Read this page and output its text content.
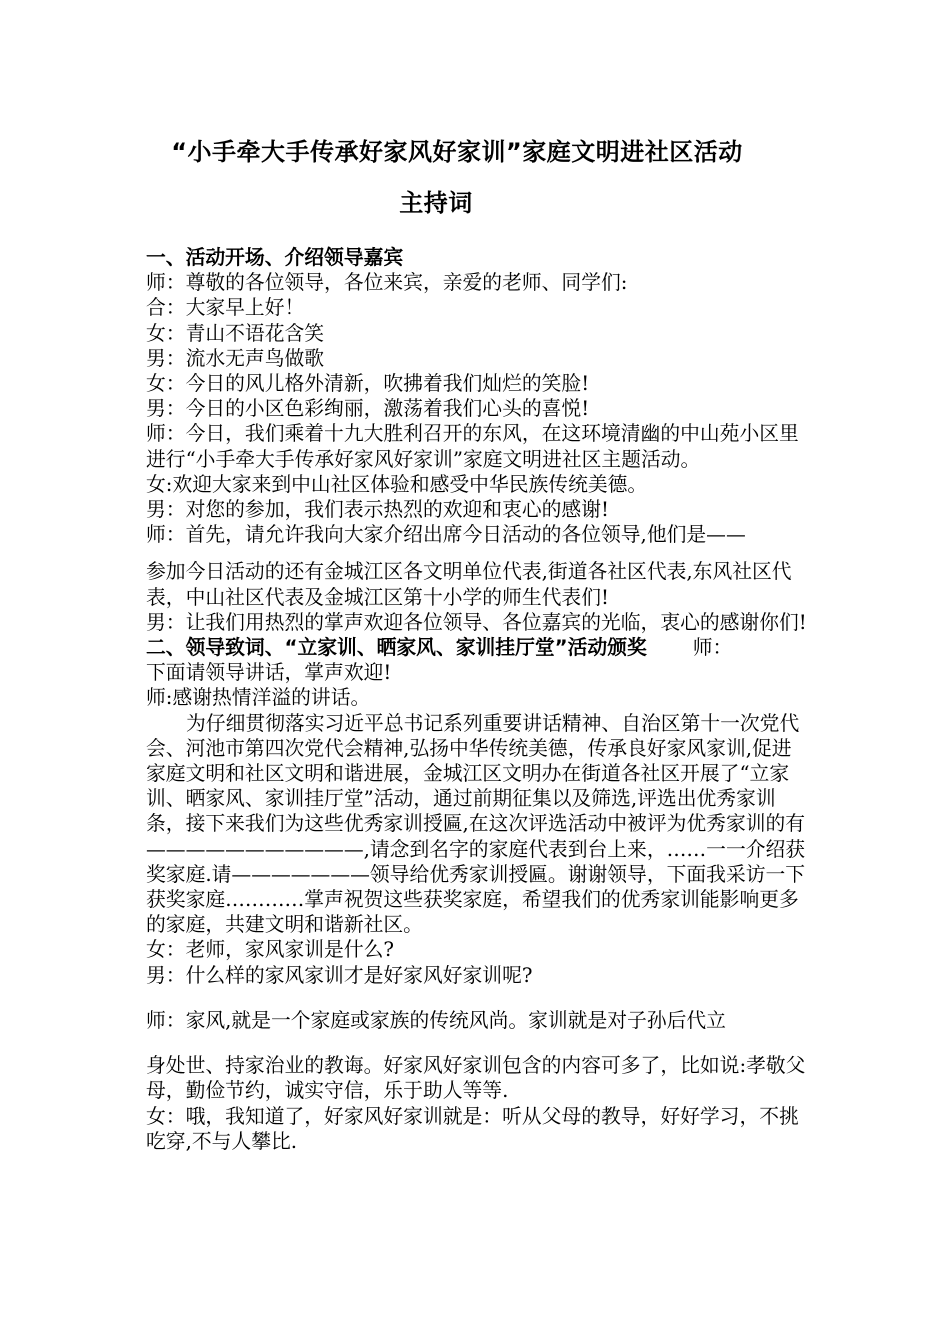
“小手牵大手传承好家风好家训”家庭文明进社区活动
主持词

一、活动开场、介绍领导嘉宾

师：尊敬的各位领导，各位来宾，亲爱的老师、同学们:

合：大家早上好！

女：青山不语花含笑

男：流水无声鸟做歌

女：今日的风儿格外清新，吹拂着我们灿烂的笑脸!

男：今日的小区色彩绚丽，激荡着我们心头的喜悦!

师：今日，我们乘着十九大胜利召开的东风，在这环境清幽的中山苑小区里进行“小手牵大手传承好家风好家训”家庭文明进社区主题活动。

女:欢迎大家来到中山社区体验和感受中华民族传统美德。

男：对您的参加，我们表示热烈的欢迎和衷心的感谢!

师：首先，请允许我向大家介绍出席今日活动的各位领导,他们是——

参加今日活动的还有金城江区各文明单位代表,街道各社区代表,东风社区代表，中山社区代表及金城江区第十小学的师生代表们!

男：让我们用热烈的掌声欢迎各位领导、各位嘉宾的光临，衷心的感谢你们!

二、领导致词、“立家训、晒家风、家训挂厅堂”活动颁奖 师：

下面请领导讲话，掌声欢迎!

师:感谢热情洋溢的讲话。

为仔细贯彻落实习近平总书记系列重要讲话精神、自治区第十一次党代会、河池市第四次党代会精神,弘扬中华传统美德，传承良好家风家训,促进家庭文明和社区文明和谐进展，金城江区文明办在街道各社区开展了“立家训、晒家风、家训挂厅堂”活动，通过前期征集以及筛选,评选出优秀家训　条，接下来我们为这些优秀家训授匾,在这次评选活动中被评为优秀家训的有———————————,请念到名字的家庭代表到台上来，……一一介绍获奖家庭.请———————领导给优秀家训授匾。谢谢领导，下面我采访一下获奖家庭…………掌声祝贺这些获奖家庭，希望我们的优秀家训能影响更多的家庭，共建文明和谐新社区。

女：老师，家风家训是什么?

男：什么样的家风家训才是好家风好家训呢?

师：家风,就是一个家庭或家族的传统风尚。家训就是对子孙后代立

身处世、持家治业的教诲。好家风好家训包含的内容可多了，比如说:孝敬父母，勤俭节约，诚实守信，乐于助人等等.

女：哦，我知道了，好家风好家训就是：听从父母的教导，好好学习，不挑吃穿,不与人攀比.
